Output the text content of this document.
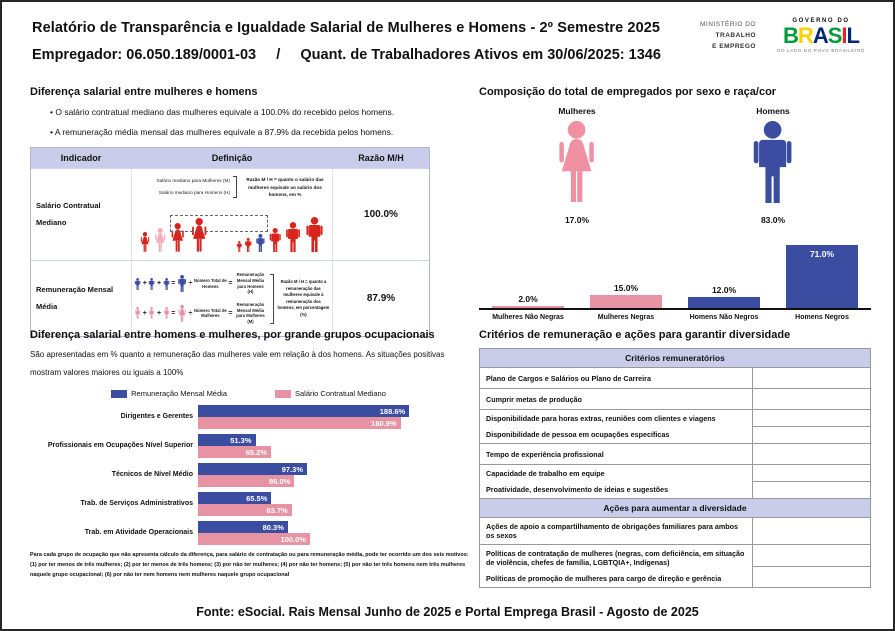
Relatório de Transparência e Igualdade Salarial de Mulheres e Homens - 2º Semestre 2025
Empregador: 06.050.189/0001-03     /     Quant. de Trabalhadores Ativos em 30/06/2025: 1346
MINISTÉRIO DO
TRABALHO
E EMPREGO
GOVERNO DO
BRASIL
DO LADO DO POVO BRASILEIRO
Diferença salarial entre mulheres e homens
• O salário contratual mediano das mulheres equivale a 100.0% do recebido pelos homens.
• A remuneração média mensal das mulheres equivale a 87.9% da recebida pelos homens.
Indicador	Definição	Razão M/H
Salário Contratual Mediano
Salário mediano para Mulheres (M)
Salário mediano para Homens (H)
Razão M / H = quanto o salário das mulheres equivale ao salário dos homens, em %
100.0%
Remuneração Mensal Média
+ + = ÷ Número Total de Homens	=
Remuneração Mensal Média para Homens (H)
+ + = ÷ Número Total de Mulheres	=
Remuneração Mensal Média para Mulheres (M)
Razão M / H = quanto a remuneração das mulheres equivale à remuneração dos homens, em porcentagem (%)
87.9%
Composição do total de empregados por sexo e raça/cor
Mulheres
17.0%
Homens
83.0%
2.0%
15.0%	12.0%
71.0%
Mulheres Não Negras	Mulheres Negras	Homens Não Negros	Homens Negros
Diferença salarial entre homens e mulheres, por grande grupos ocupacionais
São apresentadas em % quanto a remuneração das mulheres vale em relação à dos homens. As situações positivas mostram valores maiores ou iguais a 100%
Remuneração Mensal Média	Salário Contratual Mediano
Dirigentes e Gerentes
188.6%
180.9%
Profissionais em Ocupações Nível Superior
51.3%
65.2%
Técnicos de Nível Médio
97.3%
86.0%
Trab. de Serviços Administrativos
65.5%
83.7%
Trab. em Atividade Operacionais
80.3%
100.0%
Para cada grupo de ocupação que não apresenta cálculo da diferença, para salário de contratação ou para remuneração média, pode ter ocorrido um dos seis motivos:(1) por ter menos de três mulheres; (2) por ter menos de três homens; (3) por não ter mulheres; (4) por não ter homens; (5) por não ter três homens nem três mulheres naquele grupo ocupacional; (6) por não ter nem homens nem mulheres naquele grupo ocupacional
Critérios de remuneração e ações para garantir diversidade
Critérios remuneratórios
Plano de Cargos e Salários ou Plano de Carreira
Cumprir metas de produção
Disponibilidade para horas extras, reuniões com clientes e viagens
Disponibilidade de pessoa em ocupações específicas
Tempo de experiência profissional
Capacidade de trabalho em equipe
Proatividade, desenvolvimento de ideias e sugestões
Ações para aumentar a diversidade
Ações de apoio a compartilhamento de obrigações familiares para ambos os sexos
Políticas de contratação de mulheres (negras, com deficiência, em situação de violência, chefes de família, LGBTQIA+, Indígenas)
Políticas de promoção de mulheres para cargo de direção e gerência
Fonte: eSocial. Rais Mensal Junho de 2025 e Portal Emprega Brasil - Agosto de 2025
